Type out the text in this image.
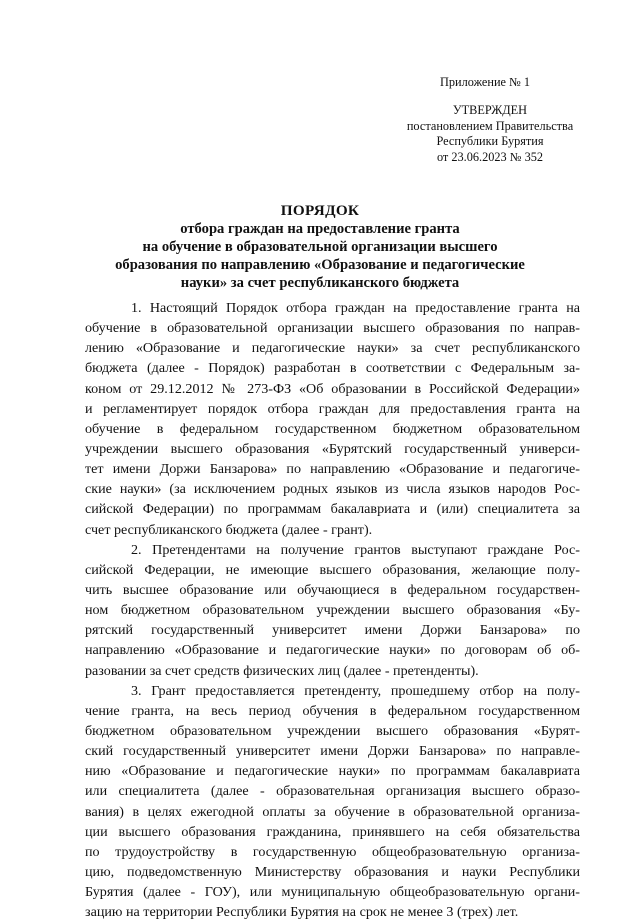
Приложение № 1
УТВЕРЖДЕН
постановлением Правительства
Республики Бурятия
от 23.06.2023 № 352
ПОРЯДОК
отбора граждан на предоставление гранта
на обучение в образовательной организации высшего
образования по направлению «Образование и педагогические
науки» за счет республиканского бюджета
1. Настоящий Порядок отбора граждан на предоставление гранта на
обучение в образовательной организации высшего образования по направ-
лению «Образование и педагогические науки» за счет республиканского
бюджета (далее - Порядок) разработан в соответствии с Федеральным за-
коном от 29.12.2012 № 273-ФЗ «Об образовании в Российской Федерации»
и регламентирует порядок отбора граждан для предоставления гранта на
обучение в федеральном государственном бюджетном образовательном
учреждении высшего образования «Бурятский государственный универси-
тет имени Доржи Банзарова» по направлению «Образование и педагогиче-
ские науки» (за исключением родных языков из числа языков народов Рос-
сийской Федерации) по программам бакалавриата и (или) специалитета за
счет республиканского бюджета (далее - грант).
2. Претендентами на получение грантов выступают граждане Рос-
сийской Федерации, не имеющие высшего образования, желающие полу-
чить высшее образование или обучающиеся в федеральном государствен-
ном бюджетном образовательном учреждении высшего образования «Бу-
рятский государственный университет имени Доржи Банзарова» по
направлению «Образование и педагогические науки» по договорам об об-
разовании за счет средств физических лиц (далее - претенденты).
3. Грант предоставляется претенденту, прошедшему отбор на полу-
чение гранта, на весь период обучения в федеральном государственном
бюджетном образовательном учреждении высшего образования «Бурят-
ский государственный университет имени Доржи Банзарова» по направле-
нию «Образование и педагогические науки» по программам бакалавриата
или специалитета (далее - образовательная организация высшего образо-
вания) в целях ежегодной оплаты за обучение в образовательной организа-
ции высшего образования гражданина, принявшего на себя обязательства
по трудоустройству в государственную общеобразовательную организа-
цию, подведомственную Министерству образования и науки Республики
Бурятия (далее - ГОУ), или муниципальную общеобразовательную органи-
зацию на территории Республики Бурятия на срок не менее 3 (трех) лет.
